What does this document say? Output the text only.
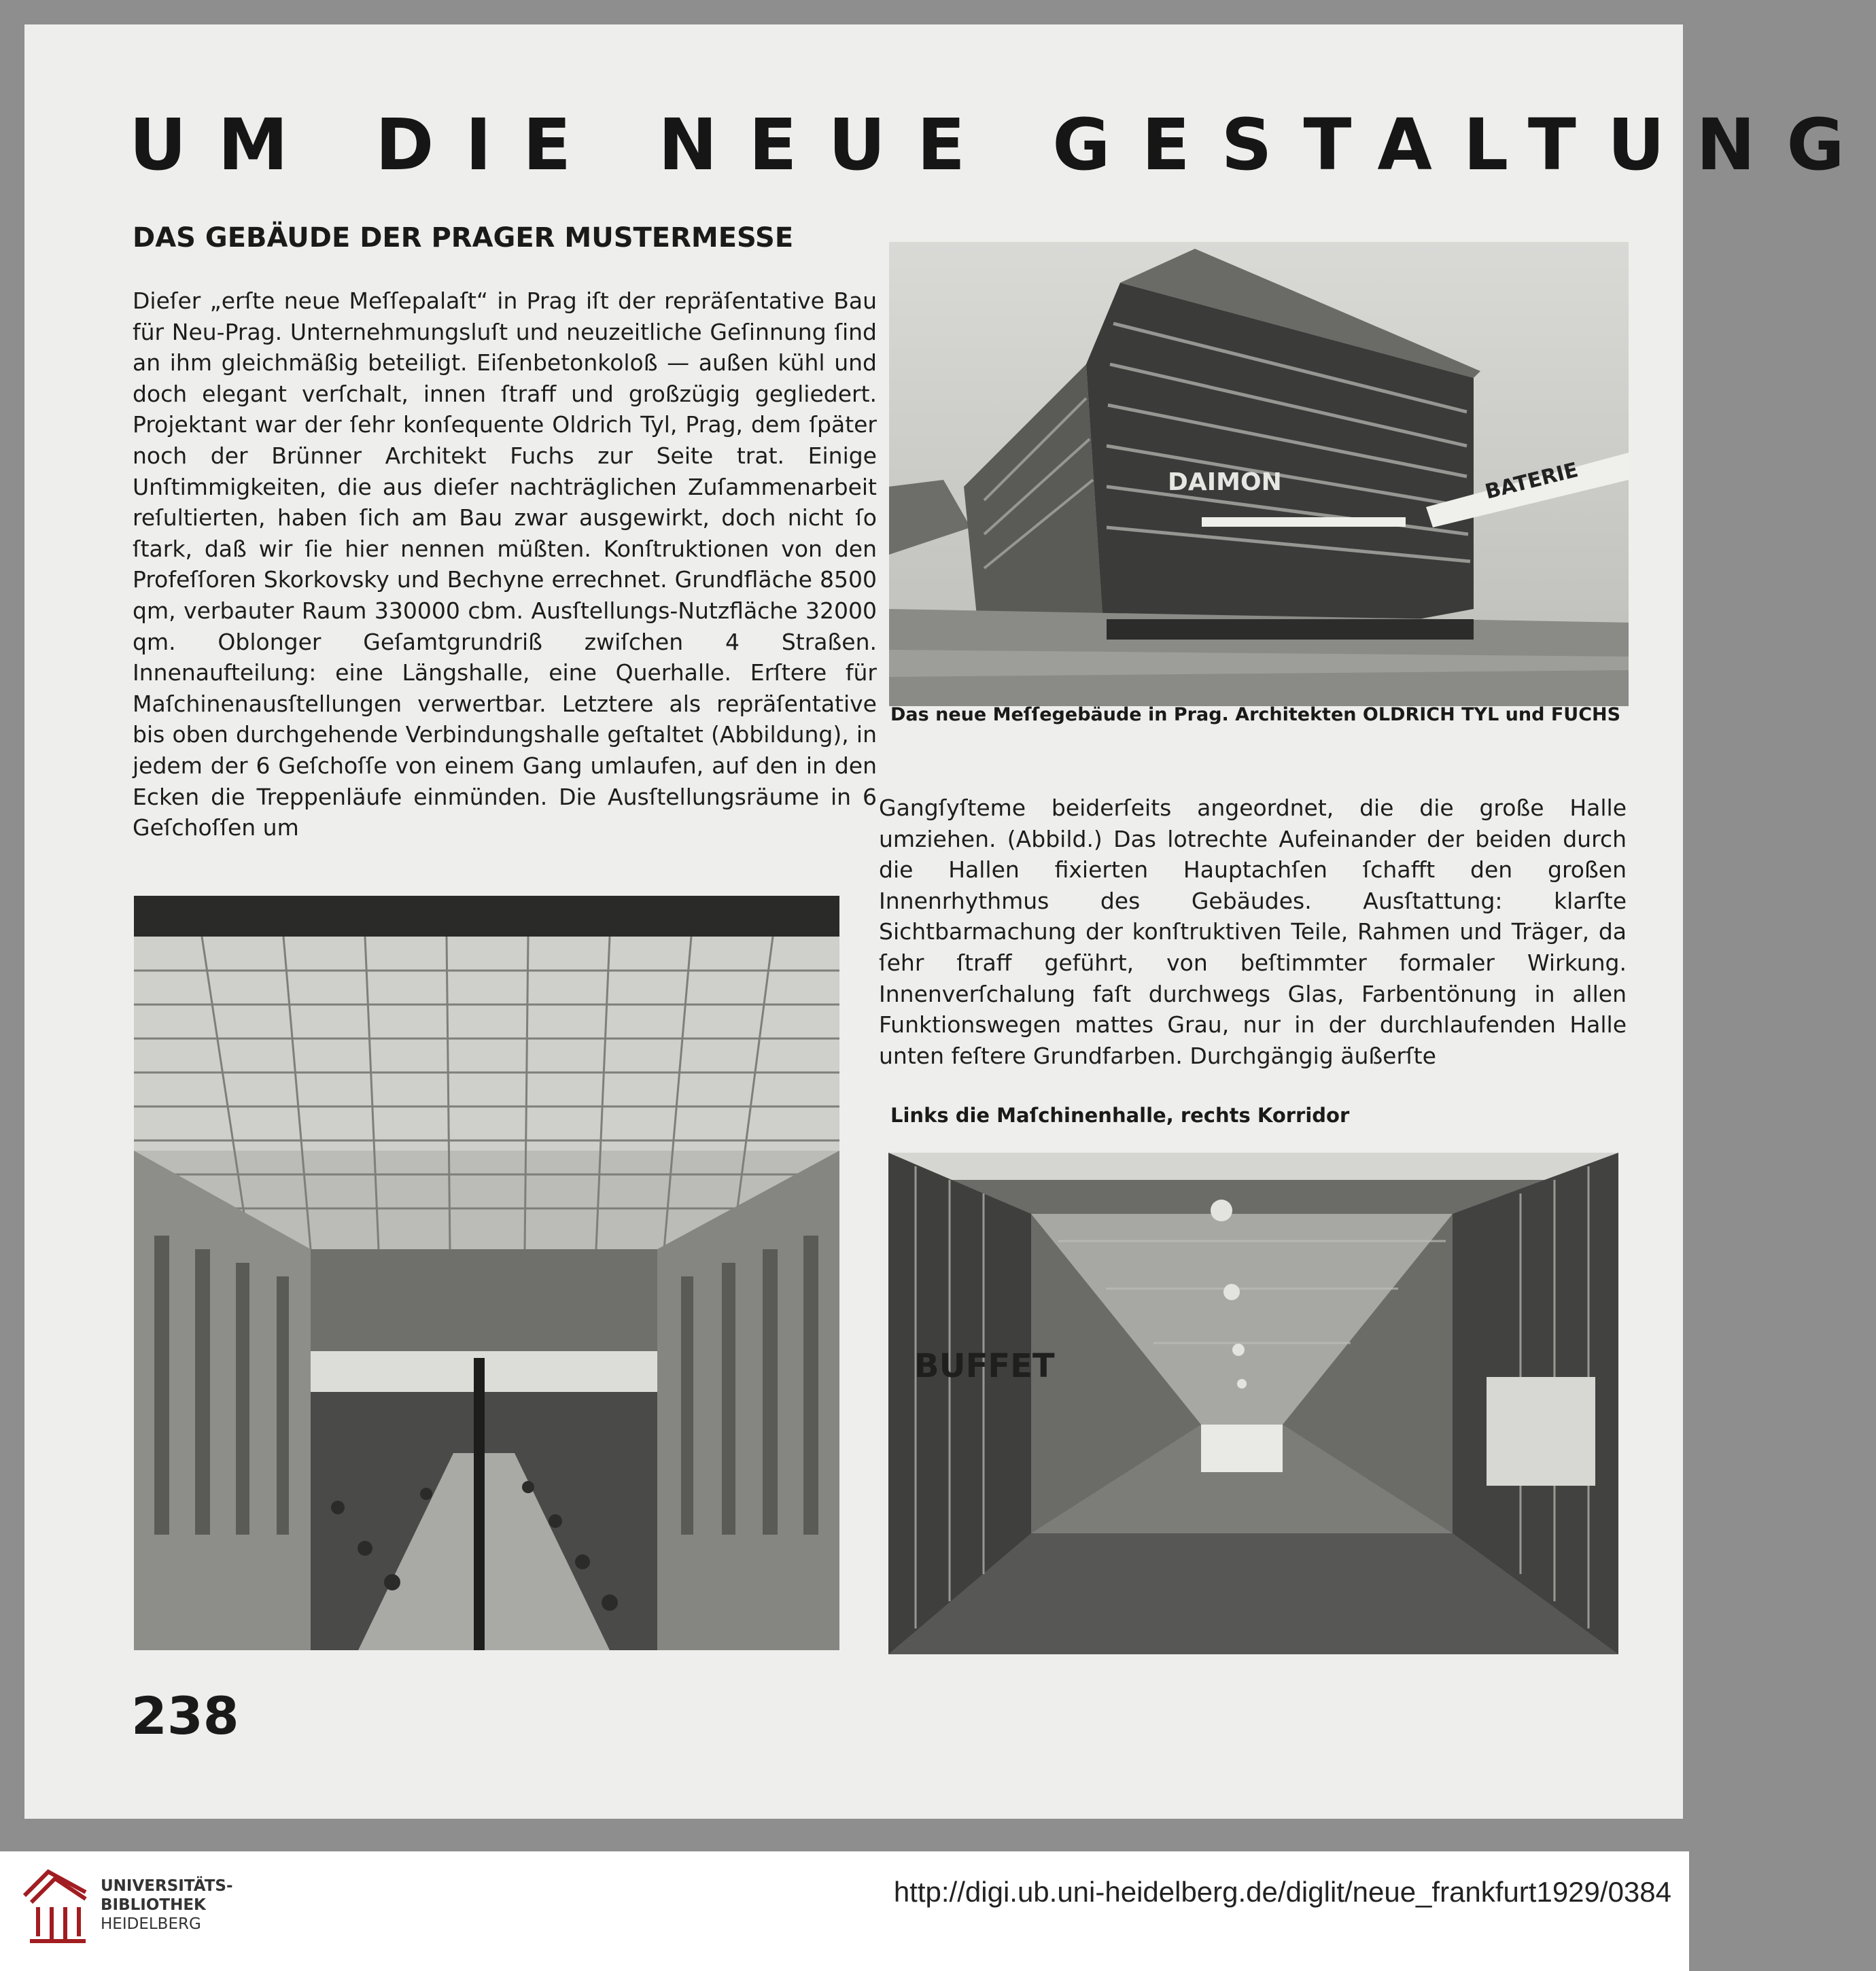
UM DIE NEUE GESTALTUNG
DAS GEBÄUDE DER PRAGER MUSTERMESSE

Dieſer „erſte neue Meſſepalaſt“ in Prag iſt der repräſentative Bau für Neu-Prag. Unternehmungsluſt und neuzeitliche Geſinnung ſind an ihm gleichmäßig beteiligt. Eiſenbetonkoloß — außen kühl und doch elegant verſchalt, innen ſtraff und großzügig gegliedert. Projektant war der ſehr konſequente Oldrich Tyl, Prag, dem ſpäter noch der Brünner Architekt Fuchs zur Seite trat. Einige Unſtimmigkeiten, die aus dieſer nachträglichen Zuſammenarbeit reſultierten, haben ſich am Bau zwar ausgewirkt, doch nicht ſo ſtark, daß wir ſie hier nennen müßten. Konſtruktionen von den Profeſſoren Skorkovsky und Bechyne errechnet. Grundfläche 8500 qm, verbauter Raum 330000 cbm. Ausſtellungs-Nutzfläche 32000 qm. Oblonger Geſamtgrundriß zwiſchen 4 Straßen. Innenaufteilung: eine Längshalle, eine Querhalle. Erſtere für Maſchinenausſtellungen verwertbar. Letztere als repräſentative bis oben durchgehende Verbindungshalle geſtaltet (Abbildung), in jedem der 6 Geſchoſſe von einem Gang umlaufen, auf den in den Ecken die Treppenläufe einmünden. Die Ausſtellungsräume in 6 Geſchoſſen um

DAIMON	BATERIE

Das neue Meſſegebäude in Prag. Architekten OLDRICH TYL und FUCHS

Gangſyſteme beiderſeits angeordnet, die die große Halle umziehen. (Abbild.) Das lotrechte Aufeinander der beiden durch die Hallen fixierten Hauptachſen ſchafft den großen Innenrhythmus des Gebäudes. Ausſtattung: klarſte Sichtbarmachung der konſtruktiven Teile, Rahmen und Träger, da ſehr ſtraff geführt, von beſtimmter formaler Wirkung. Innenverſchalung faſt durchwegs Glas, Farbentönung in allen Funktionswegen mattes Grau, nur in der durchlaufenden Halle unten feſtere Grundfarben. Durchgängig äußerſte

Links die Maſchinenhalle, rechts Korridor

BUFFET

238

UNIVERSITÄTS-
BIBLIOTHEK
HEIDELBERG
http://digi.ub.uni-heidelberg.de/diglit/neue_frankfurt1929/0384
